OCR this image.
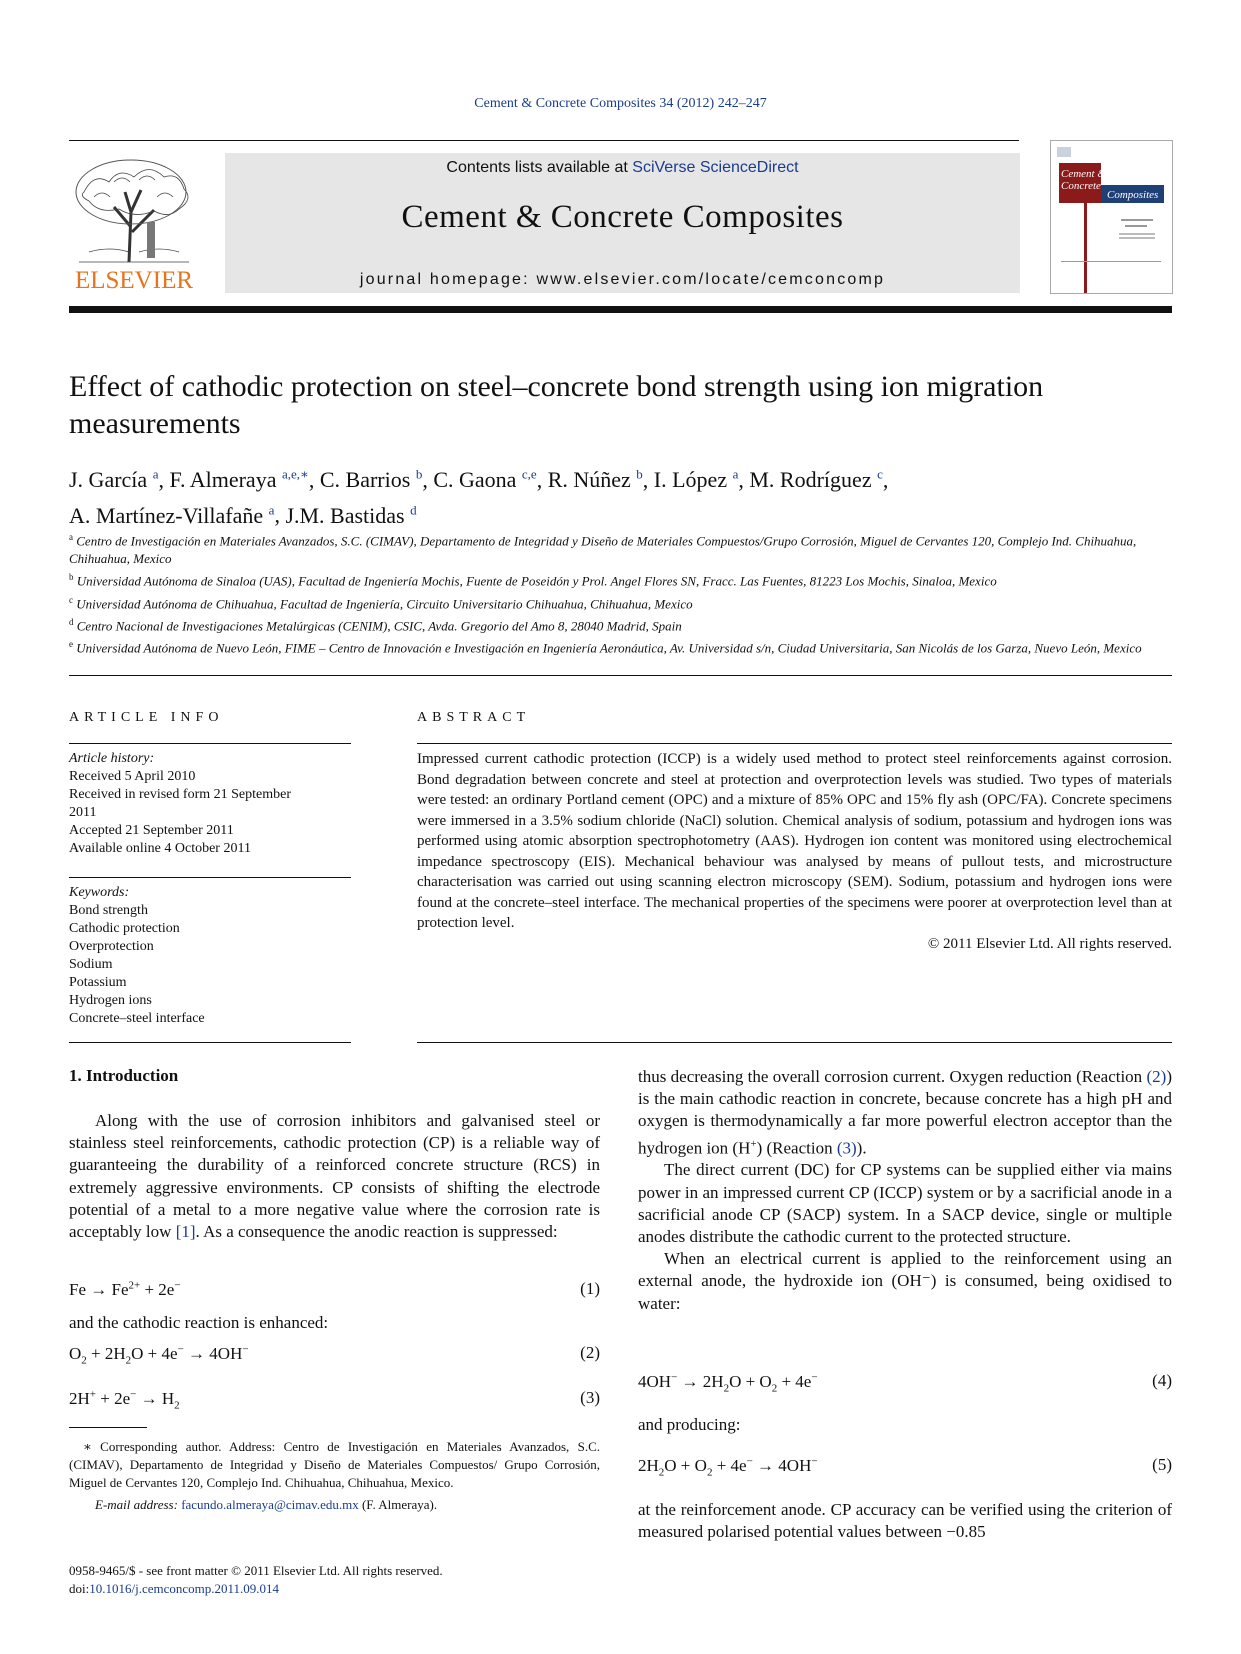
Cement & Concrete Composites 34 (2012) 242–247
ELSEVIER
Contents lists available at SciVerse ScienceDirect
Cement & Concrete Composites
journal homepage: www.elsevier.com/locate/cemconcomp
Cement &
Concrete
Composites
Effect of cathodic protection on steel–concrete bond strength using ion migration measurements
J. García $^a$, F. Almeraya $^{a,e,∗}$, C. Barrios $^b$, C. Gaona $^{c,e}$, R. Núñez $^b$, I. López $^a$, M. Rodríguez $^c$,
A. Martínez-Villafañe $^a$, J.M. Bastidas $^d$
$^a$ Centro de Investigación en Materiales Avanzados, S.C. (CIMAV), Departamento de Integridad y Diseño de Materiales Compuestos/Grupo Corrosión, Miguel de Cervantes 120, Complejo Ind. Chihuahua, Chihuahua, Mexico
$^b$ Universidad Autónoma de Sinaloa (UAS), Facultad de Ingeniería Mochis, Fuente de Poseidón y Prol. Angel Flores SN, Fracc. Las Fuentes, 81223 Los Mochis, Sinaloa, Mexico
$^c$ Universidad Autónoma de Chihuahua, Facultad de Ingeniería, Circuito Universitario Chihuahua, Chihuahua, Mexico
$^d$ Centro Nacional de Investigaciones Metalúrgicas (CENIM), CSIC, Avda. Gregorio del Amo 8, 28040 Madrid, Spain
$^e$ Universidad Autónoma de Nuevo León, FIME – Centro de Innovación e Investigación en Ingeniería Aeronáutica, Av. Universidad s/n, Ciudad Universitaria, San Nicolás de los Garza, Nuevo León, Mexico
ARTICLE INFO
Article history:
Received 5 April 2010
Received in revised form 21 September
2011
Accepted 21 September 2011
Available online 4 October 2011
Keywords:
Bond strength
Cathodic protection
Overprotection
Sodium
Potassium
Hydrogen ions
Concrete–steel interface
ABSTRACT
Impressed current cathodic protection (ICCP) is a widely used method to protect steel reinforcements against corrosion. Bond degradation between concrete and steel at protection and overprotection levels was studied. Two types of materials were tested: an ordinary Portland cement (OPC) and a mixture of 85% OPC and 15% fly ash (OPC/FA). Concrete specimens were immersed in a 3.5% sodium chloride (NaCl) solution. Chemical analysis of sodium, potassium and hydrogen ions was performed using atomic absorption spectrophotometry (AAS). Hydrogen ion content was monitored using electrochemical impedance spectroscopy (EIS). Mechanical behaviour was analysed by means of pullout tests, and microstructure characterisation was carried out using scanning electron microscopy (SEM). Sodium, potassium and hydrogen ions were found at the concrete–steel interface. The mechanical properties of the specimens were poorer at overprotection level than at protection level.
© 2011 Elsevier Ltd. All rights reserved.
1. Introduction

Along with the use of corrosion inhibitors and galvanised steel or stainless steel reinforcements, cathodic protection (CP) is a reliable way of guaranteeing the durability of a reinforced concrete structure (RCS) in extremely aggressive environments. CP consists of shifting the electrode potential of a metal to a more negative value where the corrosion rate is acceptably low [1]. As a consequence the anodic reaction is suppressed:

$Fe \to Fe^{2+} + 2e^-$	(1)
and the cathodic reaction is enhanced:
$O_2 + 2H_2O + 4e^- \to 4OH^-$	(2)
$2H^+ + 2e^- \to H_2$	(3)
∗ Corresponding author. Address: Centro de Investigación en Materiales Avanzados, S.C. (CIMAV), Departamento de Integridad y Diseño de Materiales Compuestos/ Grupo Corrosión, Miguel de Cervantes 120, Complejo Ind. Chihuahua, Chihuahua, Mexico.
E-mail address: facundo.almeraya@cimav.edu.mx (F. Almeraya).
0958-9465/$ - see front matter © 2011 Elsevier Ltd. All rights reserved.
doi:10.1016/j.cemconcomp.2011.09.014

thus decreasing the overall corrosion current. Oxygen reduction (Reaction (2)) is the main cathodic reaction in concrete, because concrete has a high pH and oxygen is thermodynamically a far more powerful electron acceptor than the hydrogen ion (H+) (Reaction (3)).

The direct current (DC) for CP systems can be supplied either via mains power in an impressed current CP (ICCP) system or by a sacrificial anode in a sacrificial anode CP (SACP) system. In a SACP device, single or multiple anodes distribute the cathodic current to the protected structure.

When an electrical current is applied to the reinforcement using an external anode, the hydroxide ion (OH⁻) is consumed, being oxidised to water:

$4OH^- \to 2H_2O + O_2 + 4e^-$	(4)
and producing:
$2H_2O + O_2 + 4e^- \to 4OH^-$	(5)
at the reinforcement anode. CP accuracy can be verified using the criterion of measured polarised potential values between −0.85
